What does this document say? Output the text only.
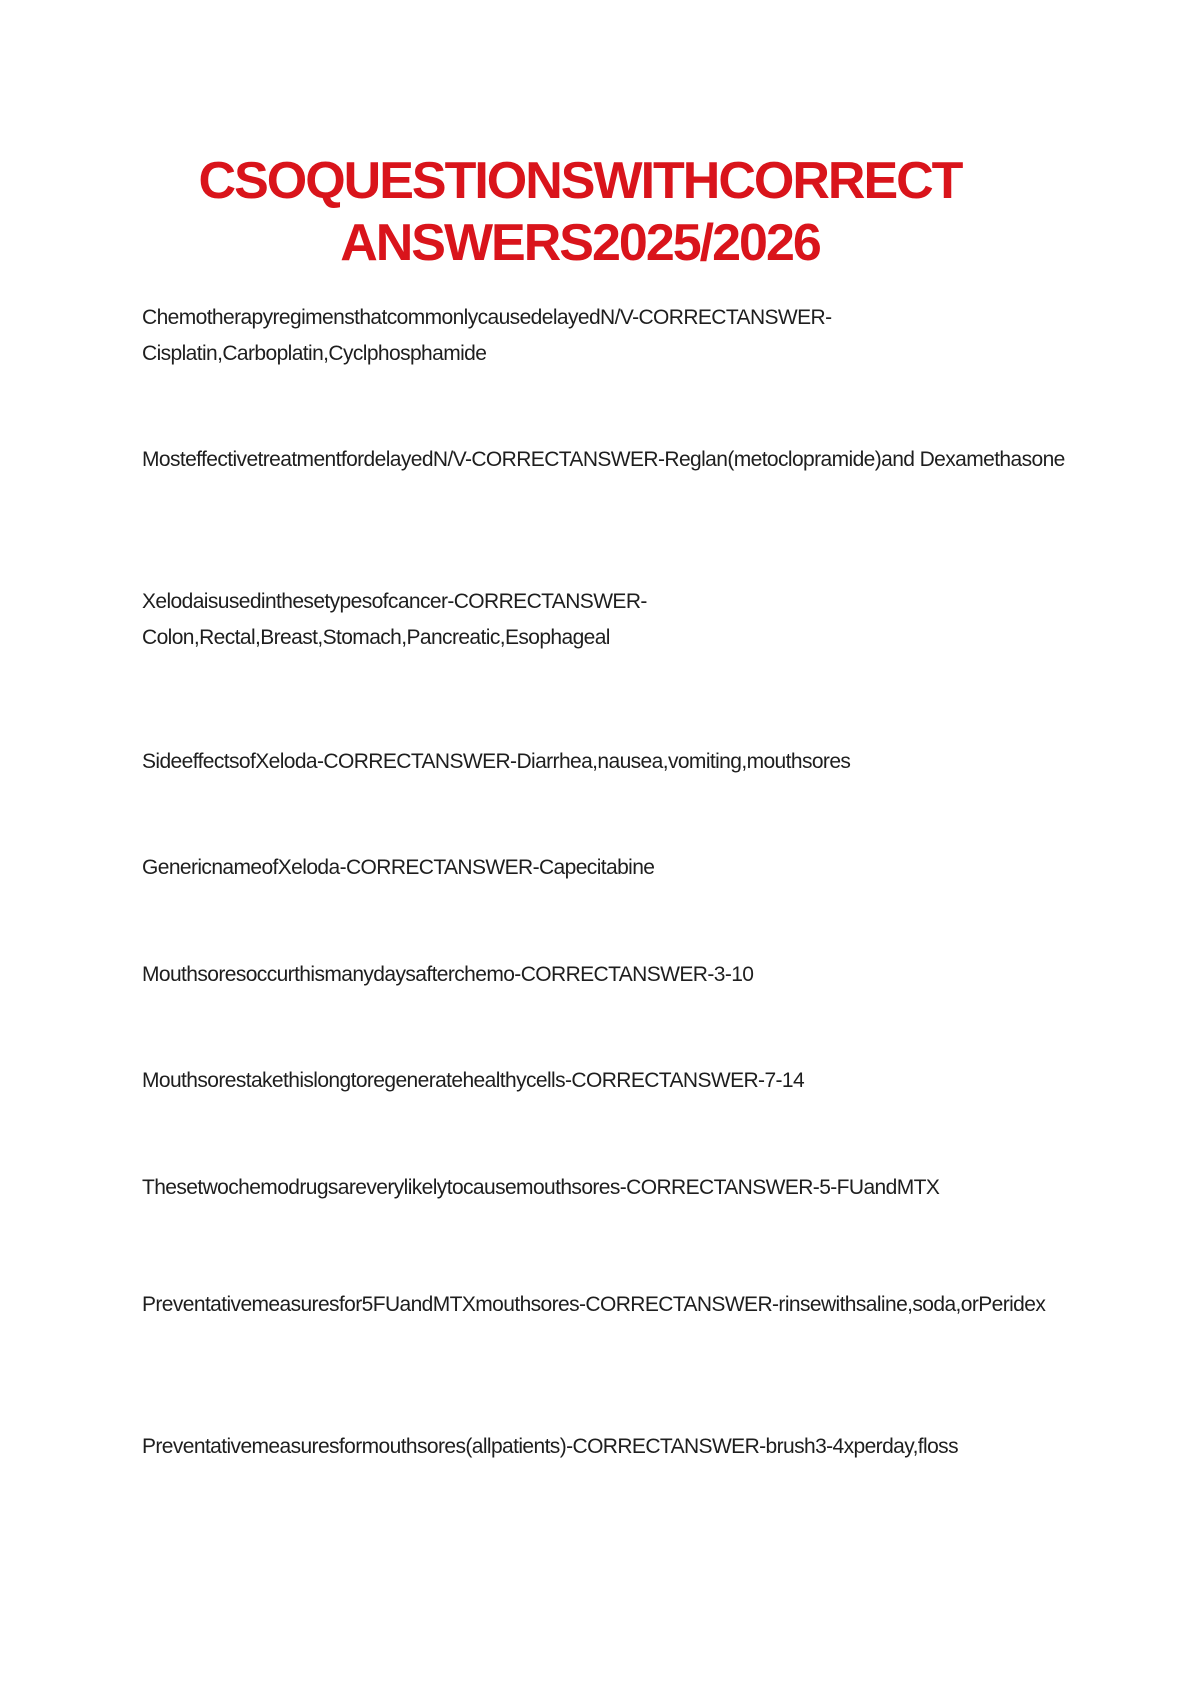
CSOQUESTIONSWITHCORRECT
ANSWERS2025/2026
ChemotherapyregimensthatcommonlycausedelayedN/V-CORRECTANSWER-Cisplatin,Carboplatin,Cyclphosphamide
MosteffectivetreatmentfordelayedN/V-CORRECTANSWER-Reglan(metoclopramide)and Dexamethasone
Xelodaisusedinthesetypesofcancer-CORRECTANSWER-Colon,Rectal,Breast,Stomach,Pancreatic,Esophageal
SideeffectsofXeloda-CORRECTANSWER-Diarrhea,nausea,vomiting,mouthsores
GenericnameofXeloda-CORRECTANSWER-Capecitabine
Mouthsoresoccurthismanydaysafterchemo-CORRECTANSWER-3-10
Mouthsorestakethislongtoregeneratehealthycells-CORRECTANSWER-7-14
Thesetwochemodrugsareverylikelytocausemouthsores-CORRECTANSWER-5-FUandMTX
Preventativemeasuresfor5FUandMTXmouthsores-CORRECTANSWER-rinsewithsaline,soda,orPeridex
Preventativemeasuresformouthsores(allpatients)-CORRECTANSWER-brush3-4xperday,floss
